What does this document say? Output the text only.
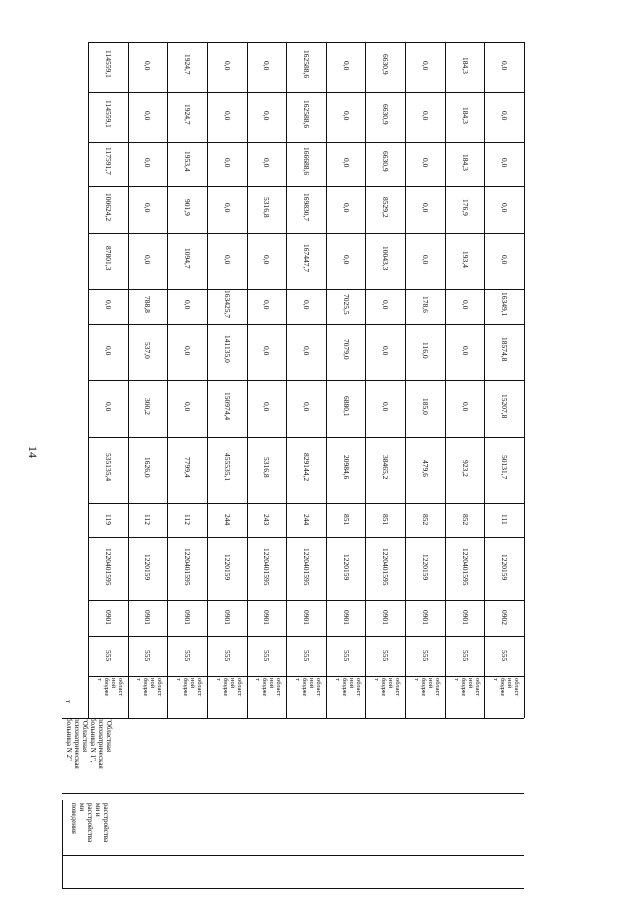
14
расстройства
ми и
расстройства
ми
поведения
"Областная
психиатрическая
больница N 1",
"Областная
психиатрическая
больница N 2"
т
област
ной
бюдже
т
555
0901
1220401595
119
535135,4
0,0
0,0
0,0
87801,3
100624,2
117591,7
114559,1
114559,1
област
ной
бюдже
т
555
0901
1220159
112
1626,0
300,2
537,0
788,8
0,0
0,0
0,0
0,0
0,0
област
ной
бюдже
т
555
0901
1220401595
112
7799,4
0,0
0,0
0,0
1094,7
901,9
1953,4
1924,7
1924,7
област
ной
бюдже
т
555
0901
1220159
244
455535,1
150974,4
141135,0
163425,7
0,0
0,0
0,0
0,0
0,0
област
ной
бюдже
т
555
0901
1220401595
243
5316,8
0,0
0,0
0,0
0,0
5316,8
0,0
0,0
0,0
област
ной
бюдже
т
555
0901
1220401595
244
829144,2
0,0
0,0
0,0
167447,7
169830,7
166688,6
162588,6
162588,6
област
ной
бюдже
т
555
0901
1220159
851
20984,6
6880,1
7079,0
7025,5
0,0
0,0
0,0
0,0
0,0
област
ной
бюдже
т
555
0901
1220401595
851
38465,2
0,0
0,0
0,0
10043,3
8529,2
6630,9
6630,9
6630,9
област
ной
бюдже
т
555
0901
1220159
852
479,6
185,0
116,0
178,6
0,0
0,0
0,0
0,0
0,0
област
ной
бюдже
т
555
0901
1220401595
852
923,2
0,0
0,0
0,0
193,4
176,9
184,3
184,3
184,3
област
ной
бюдже
т
555
0902
1220159
111
50131,7
15207,8
18574,8
16349,1
0,0
0,0
0,0
0,0
0,0
